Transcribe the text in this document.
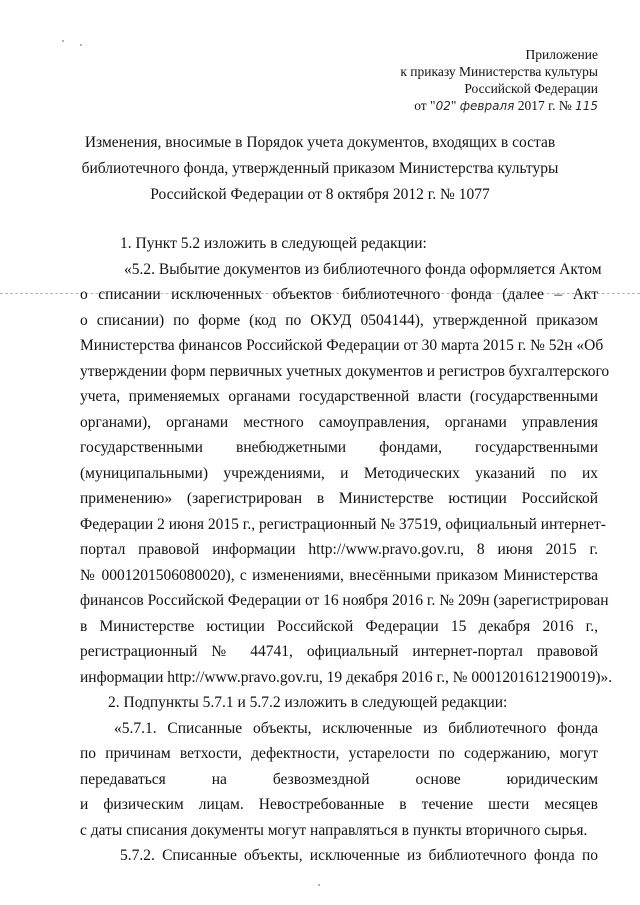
Приложение
к приказу Министерства культуры
Российской Федерации
от "02" февраля 2017 г. № 115
Изменения, вносимые в Порядок учета документов, входящих в состав
библиотечного фонда, утвержденный приказом Министерства культуры
Российской Федерации от 8 октября 2012 г. № 1077
1. Пункт 5.2 изложить в следующей редакции:
«5.2. Выбытие документов из библиотечного фонда оформляется Актом
о списании исключенных объектов библиотечного фонда (далее – Акт
о списании) по форме (код по ОКУД 0504144), утвержденной приказом
Министерства финансов Российской Федерации от 30 марта 2015 г. № 52н «Об
утверждении форм первичных учетных документов и регистров бухгалтерского
учета, применяемых органами государственной власти (государственными
органами), органами местного самоуправления, органами управления
государственными внебюджетными фондами, государственными
(муниципальными) учреждениями, и Методических указаний по их
применению» (зарегистрирован в Министерстве юстиции Российской
Федерации 2 июня 2015 г., регистрационный № 37519, официальный интернет-
портал правовой информации http://www.pravo.gov.ru, 8 июня 2015 г.
№ 0001201506080020), с изменениями, внесёнными приказом Министерства
финансов Российской Федерации от 16 ноября 2016 г. № 209н (зарегистрирован
в Министерстве юстиции Российской Федерации 15 декабря 2016 г.,
регистрационный № 44741, официальный интернет-портал правовой
информации http://www.pravo.gov.ru, 19 декабря 2016 г., № 0001201612190019)».
2. Подпункты 5.7.1 и 5.7.2 изложить в следующей редакции:
«5.7.1. Списанные объекты, исключенные из библиотечного фонда
по причинам ветхости, дефектности, устарелости по содержанию, могут
передаваться на безвозмездной основе юридическим
и физическим лицам. Невостребованные в течение шести месяцев
с даты списания документы могут направляться в пункты вторичного сырья.
5.7.2. Списанные объекты, исключенные из библиотечного фонда по
